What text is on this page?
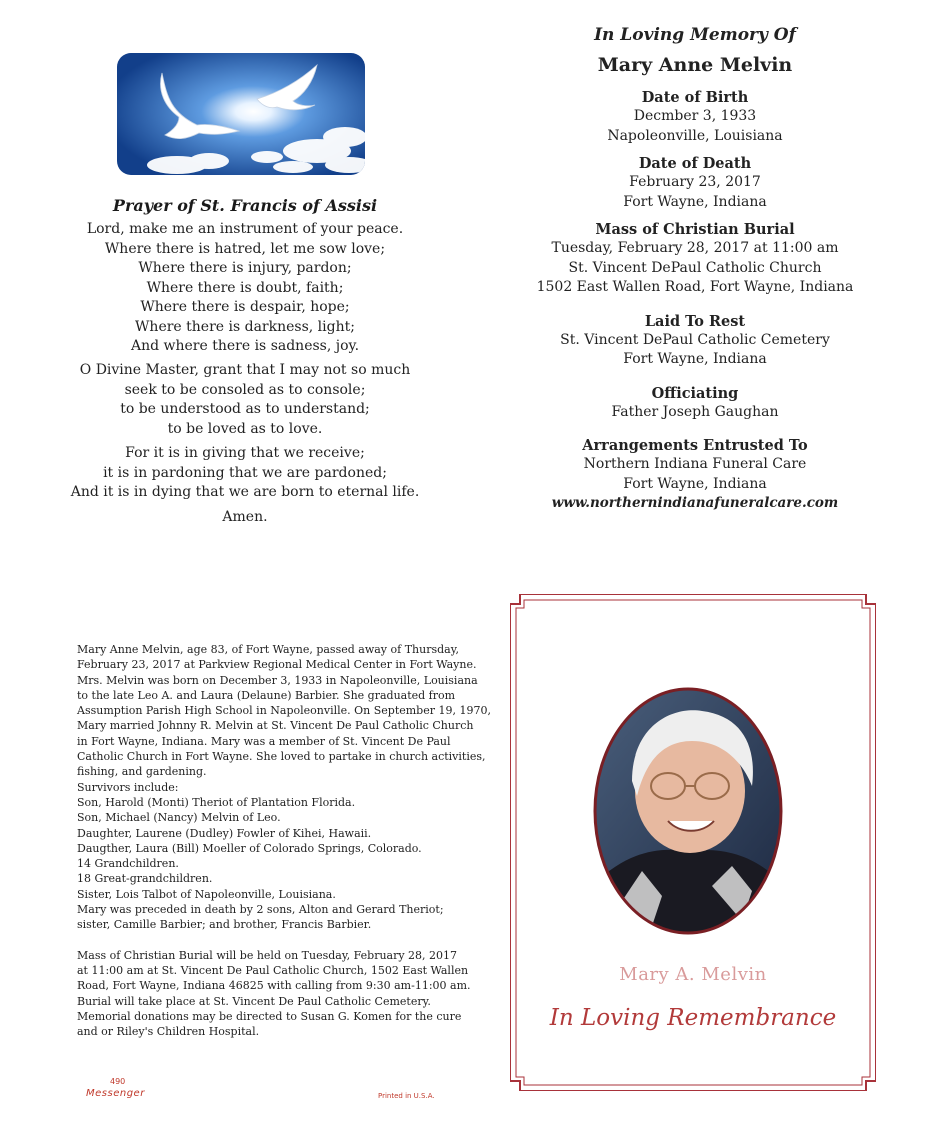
Prayer of St. Francis of Assisi
Lord, make me an instrument of your peace.
Where there is hatred, let me sow love;
Where there is injury, pardon;
Where there is doubt, faith;
Where there is despair, hope;
Where there is darkness, light;
And where there is sadness, joy.
O Divine Master, grant that I may not so much
seek to be consoled as to console;
to be understood as to understand;
to be loved as to love.
For it is in giving that we receive;
it is in pardoning that we are pardoned;
And it is in dying that we are born to eternal life.
Amen.
In Loving Memory Of
Mary Anne Melvin
Date of Birth
Decmber 3, 1933
Napoleonville, Louisiana
Date of Death
February 23, 2017
Fort Wayne, Indiana
Mass of Christian Burial
Tuesday, February 28, 2017 at 11:00 am
St. Vincent DePaul Catholic Church
1502 East Wallen Road, Fort Wayne, Indiana
Laid To Rest
St. Vincent DePaul Catholic Cemetery
Fort Wayne, Indiana
Officiating
Father Joseph Gaughan
Arrangements Entrusted To
Northern Indiana Funeral Care
Fort Wayne, Indiana
www.northernindianafuneralcare.com
Mary Anne Melvin, age 83, of Fort Wayne, passed away of Thursday,
February 23, 2017 at Parkview Regional Medical Center in Fort Wayne.
Mrs. Melvin was born on December 3, 1933 in Napoleonville, Louisiana
to the late Leo A. and Laura (Delaune) Barbier. She graduated from
Assumption Parish High School in Napoleonville. On September 19, 1970,
Mary married Johnny R. Melvin at St. Vincent De Paul Catholic Church
in Fort Wayne, Indiana. Mary was a member of St. Vincent De Paul
Catholic Church in Fort Wayne. She loved to partake in church activities,
fishing, and gardening.
Survivors include:
Son, Harold (Monti) Theriot of Plantation Florida.
Son, Michael (Nancy) Melvin of Leo.
Daughter, Laurene (Dudley) Fowler of Kihei, Hawaii.
Daugther, Laura (Bill) Moeller of Colorado Springs, Colorado.
14 Grandchildren.
18 Great-grandchildren.
Sister, Lois Talbot of Napoleonville, Louisiana.
Mary was preceded in death by 2 sons, Alton and Gerard Theriot;
sister, Camille Barbier; and brother, Francis Barbier.
Mass of Christian Burial will be held on Tuesday, February 28, 2017
at 11:00 am at St. Vincent De Paul Catholic Church, 1502 East Wallen
Road, Fort Wayne, Indiana 46825 with calling from 9:30 am-11:00 am.
Burial will take place at St. Vincent De Paul Catholic Cemetery.
Memorial donations may be directed to Susan G. Komen for the cure
and or Riley's Children Hospital.
490
Messenger	Printed in U.S.A.
Mary A. Melvin
In Loving Remembrance
